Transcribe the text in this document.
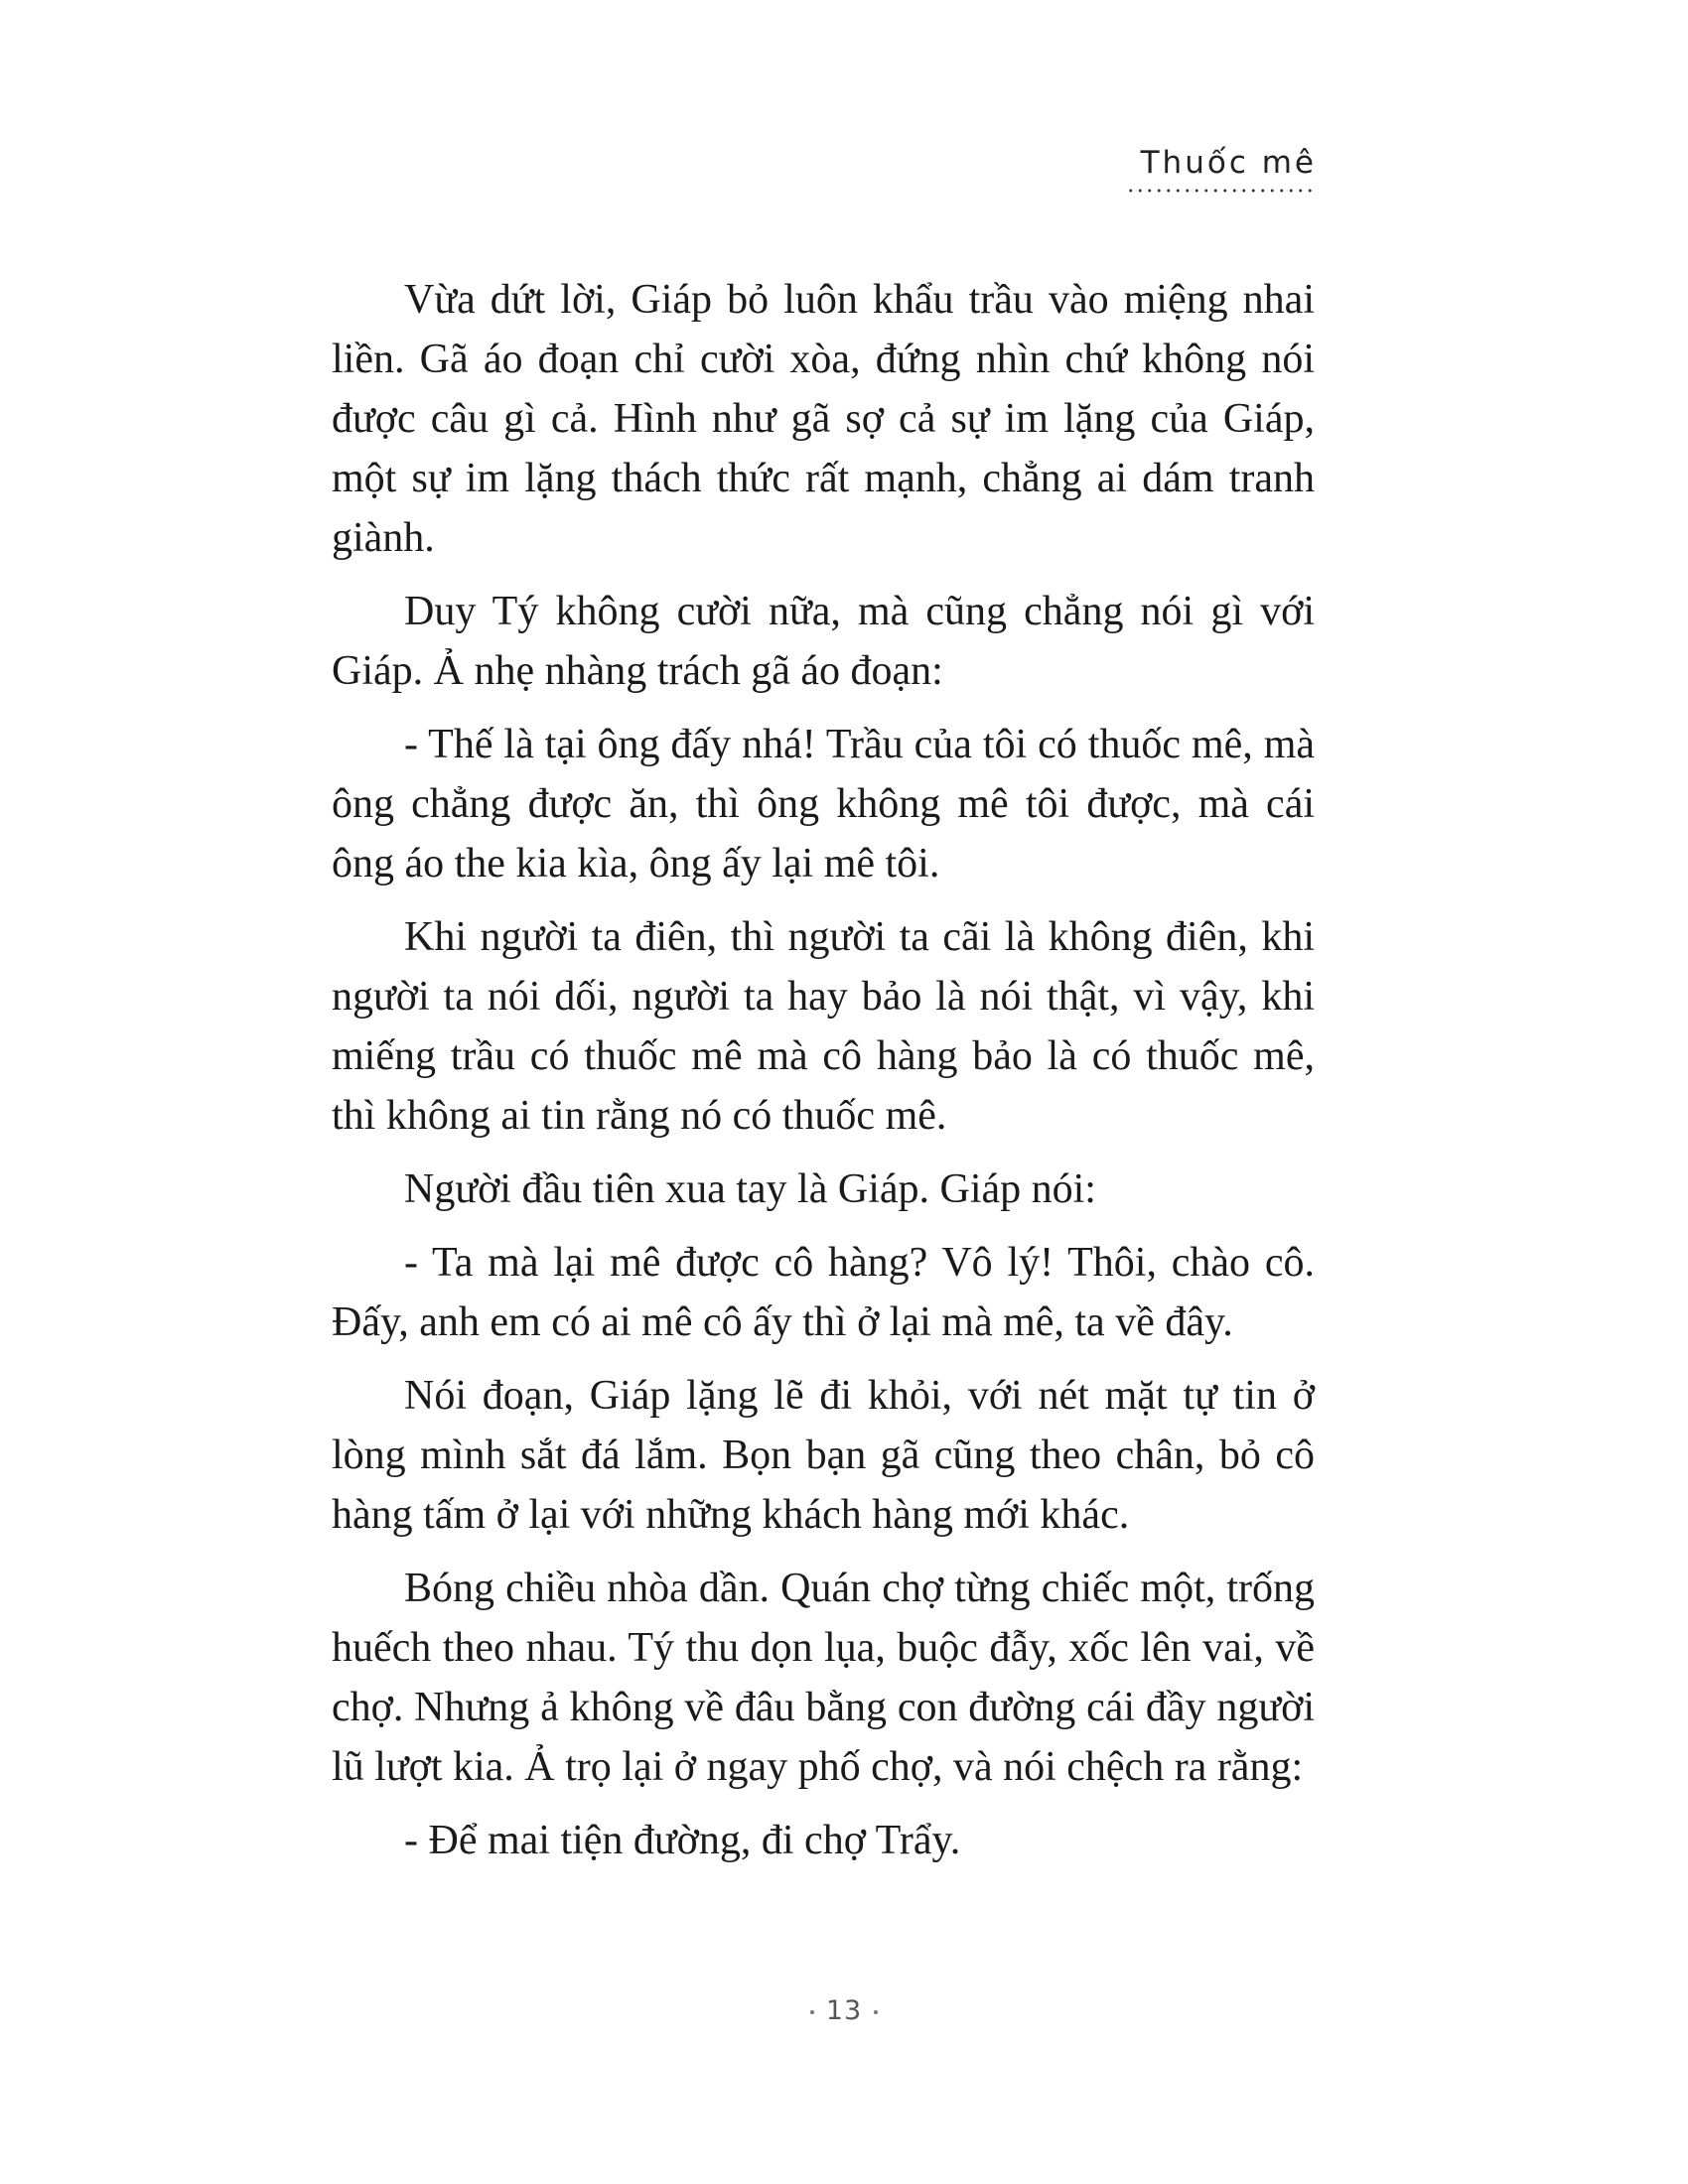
Thuốc mê

Vừa dứt lời, Giáp bỏ luôn khẩu trầu vào miệng nhai liền. Gã áo đoạn chỉ cười xòa, đứng nhìn chứ không nói được câu gì cả. Hình như gã sợ cả sự im lặng của Giáp, một sự im lặng thách thức rất mạnh, chẳng ai dám tranh giành.

Duy Tý không cười nữa, mà cũng chẳng nói gì với Giáp. Ả nhẹ nhàng trách gã áo đoạn:

- Thế là tại ông đấy nhá! Trầu của tôi có thuốc mê, mà ông chẳng được ăn, thì ông không mê tôi được, mà cái ông áo the kia kìa, ông ấy lại mê tôi.

Khi người ta điên, thì người ta cãi là không điên, khi người ta nói dối, người ta hay bảo là nói thật, vì vậy, khi miếng trầu có thuốc mê mà cô hàng bảo là có thuốc mê, thì không ai tin rằng nó có thuốc mê.

Người đầu tiên xua tay là Giáp. Giáp nói:

- Ta mà lại mê được cô hàng? Vô lý! Thôi, chào cô. Đấy, anh em có ai mê cô ấy thì ở lại mà mê, ta về đây.

Nói đoạn, Giáp lặng lẽ đi khỏi, với nét mặt tự tin ở lòng mình sắt đá lắm. Bọn bạn gã cũng theo chân, bỏ cô hàng tấm ở lại với những khách hàng mới khác.

Bóng chiều nhòa dần. Quán chợ từng chiếc một, trống huếch theo nhau. Tý thu dọn lụa, buộc đẫy, xốc lên vai, về chợ. Nhưng ả không về đâu bằng con đường cái đầy người lũ lượt kia. Ả trọ lại ở ngay phố chợ, và nói chệch ra rằng:

- Để mai tiện đường, đi chợ Trẩy.

13
